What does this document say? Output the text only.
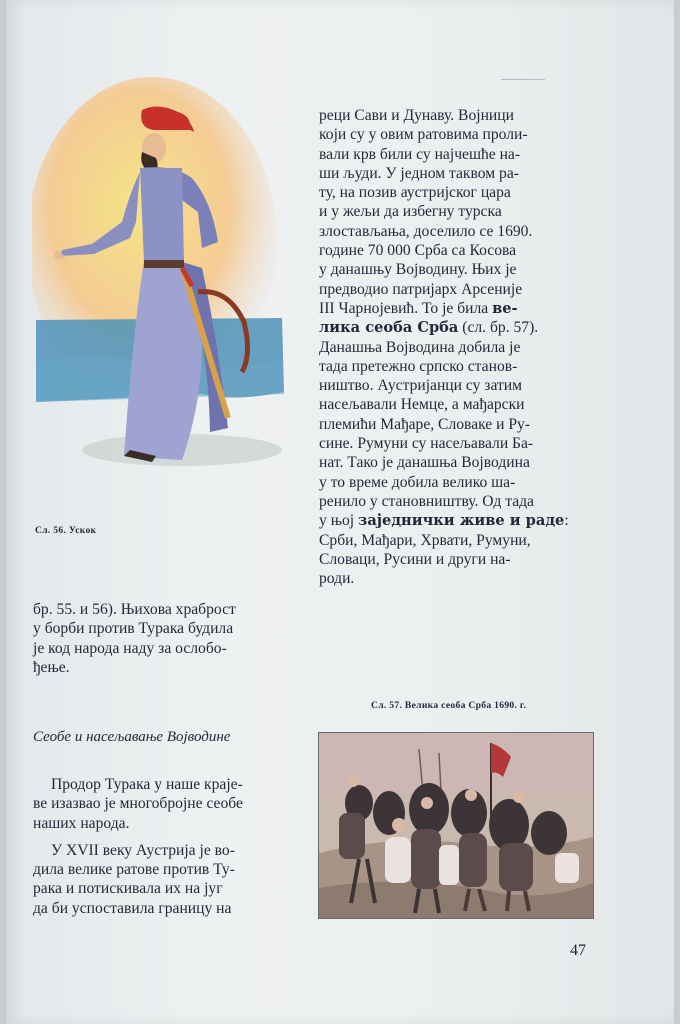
Сл. 56. Ускок

реци Сави и Дунаву. Војници

који су у овим ратовима проли-

вали крв били су најчешће на-

ши људи. У једном таквом ра-

ту, на позив аустријског цара

и у жељи да избегну турска

злостављања, доселило се 1690.

године 70 000 Срба са Косова

у данашњу Војводину. Њих је

предводио патријарх Арсеније

III Чарнојевић. То је била ве-

лика сеоба Срба (сл. бр. 57).

Данашња Војводина добила је

тада претежно српско станов-

ништво. Аустријанци су затим

насељавали Немце, а мађарски

племићи Мађаре, Словаке и Ру-

сине. Румуни су насељавали Ба-

нат. Тако је данашња Војводина

у то време добила велико ша-

ренило у становништву. Од тада

у њој заједнички живе и раде:

Срби, Мађари, Хрвати, Румуни,

Словаци, Русини и други на-

роди.

бр. 55. и 56). Њихова храброст

у борби против Турака будила

је код народа наду за ослобо-

ђење.

Сл. 57. Велика сеоба Срба 1690. г.
Сеобе и насељавање Војводине

Продор Турака у наше краје-

ве изазвао је многобројне сеобе

наших народа.

У XVII веку Аустрија је во-

дила велике ратове против Ту-

рака и потискивала их на југ

да би успоставила границу на

47
